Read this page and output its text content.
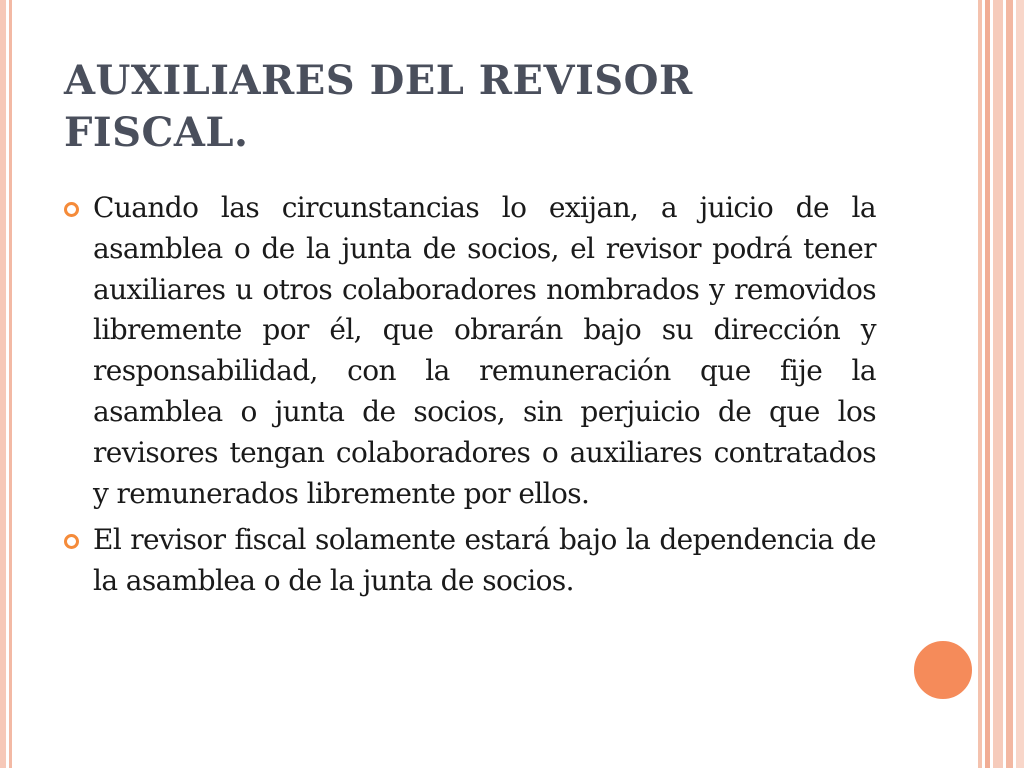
AUXILIARES DEL REVISOR FISCAL.
Cuando las circunstancias lo exijan, a juicio de la asamblea o de la junta de socios, el revisor podrá tener auxiliares u otros colaboradores nombrados y removidos libremente por él, que obrarán bajo su dirección y responsabilidad, con la remuneración que fije la asamblea o junta de socios, sin perjuicio de que los revisores tengan colaboradores o auxiliares contratados y remunerados libremente por ellos.
El revisor fiscal solamente estará bajo la dependencia de la asamblea o de la junta de socios.
